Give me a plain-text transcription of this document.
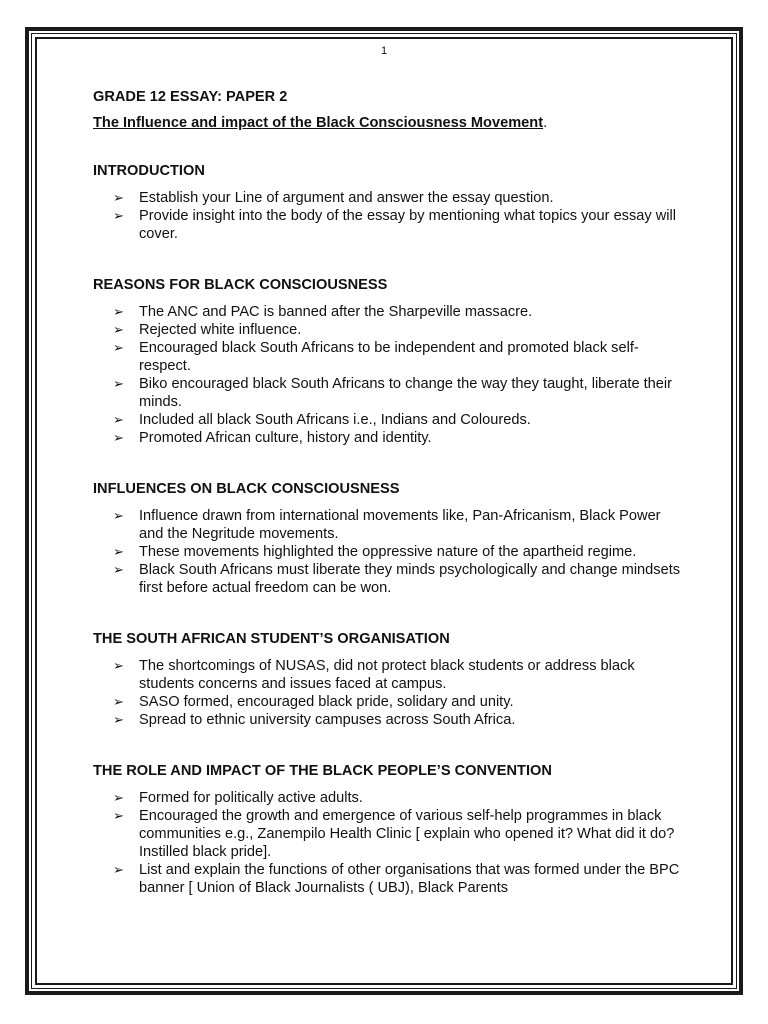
1

GRADE 12 ESSAY: PAPER 2

The Influence and impact of the Black Consciousness Movement.

INTRODUCTION

➢ Establish your Line of argument and answer the essay question.
➢ Provide insight into the body of the essay by mentioning what topics your essay will cover.

REASONS FOR BLACK CONSCIOUSNESS

➢ The ANC and PAC is banned after the Sharpeville massacre.
➢ Rejected white influence.
➢ Encouraged black South Africans to be independent and promoted black self-respect.
➢ Biko encouraged black South Africans to change the way they taught, liberate their minds.
➢ Included all black South Africans i.e., Indians and Coloureds.
➢ Promoted African culture, history and identity.

INFLUENCES ON BLACK CONSCIOUSNESS

➢ Influence drawn from international movements like, Pan-Africanism, Black Power and the Negritude movements.
➢ These movements highlighted the oppressive nature of the apartheid regime.
➢ Black South Africans must liberate they minds psychologically and change mindsets first before actual freedom can be won.

THE SOUTH AFRICAN STUDENT’S ORGANISATION

➢ The shortcomings of NUSAS, did not protect black students or address black students concerns and issues faced at campus.
➢ SASO formed, encouraged black pride, solidary and unity.
➢ Spread to ethnic university campuses across South Africa.

THE ROLE AND IMPACT OF THE BLACK PEOPLE’S CONVENTION

➢ Formed for politically active adults.
➢ Encouraged the growth and emergence of various self-help programmes in black communities e.g., Zanempilo Health Clinic [ explain who opened it? What did it do? Instilled black pride].
➢ List and explain the functions of other organisations that was formed under the BPC banner [ Union of Black Journalists ( UBJ), Black Parents
